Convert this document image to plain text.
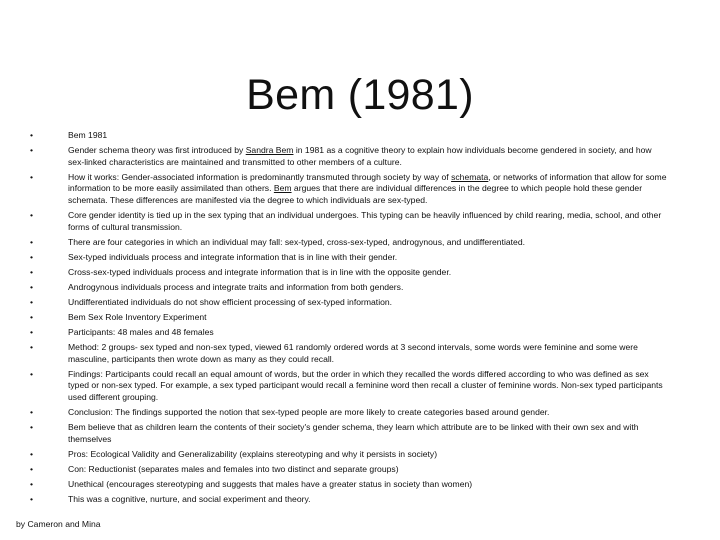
Bem (1981)
•	Bem 1981
•	Gender schema theory was first introduced by Sandra Bem in 1981 as a cognitive theory to explain how individuals become gendered in society, and how sex-linked characteristics are maintained and transmitted to other members of a culture.
•	How it works: Gender-associated information is predominantly transmuted through society by way of schemata, or networks of information that allow for some information to be more easily assimilated than others. Bem argues that there are individual differences in the degree to which people hold these gender schemata. These differences are manifested via the degree to which individuals are sex-typed.
•	Core gender identity is tied up in the sex typing that an individual undergoes. This typing can be heavily influenced by child rearing, media, school, and other forms of cultural transmission.
•	There are four categories in which an individual may fall: sex-typed, cross-sex-typed, androgynous, and undifferentiated.
•	Sex-typed individuals process and integrate information that is in line with their gender.
•	Cross-sex-typed individuals process and integrate information that is in line with the opposite gender.
•	Androgynous individuals process and integrate traits and information from both genders.
•	Undifferentiated individuals do not show efficient processing of sex-typed information.
•	Bem Sex Role Inventory Experiment
•	Participants: 48 males and 48 females
•	Method: 2 groups- sex typed and non-sex typed, viewed 61 randomly ordered words at 3 second intervals, some words were feminine and some were masculine, participants then wrote down as many as they could recall.
•	Findings: Participants could recall an equal amount of words, but the order in which they recalled the words differed according to who was defined as sex typed or non-sex typed. For example, a sex typed participant would recall a feminine word then recall a cluster of feminine words. Non-sex typed participants used different grouping.
•	Conclusion: The findings supported the notion that sex-typed people are more likely to create categories based around gender.
•	Bem believe that as children learn the contents of their society's gender schema, they learn which attribute are to be linked with their own sex and with themselves
•	Pros: Ecological Validity and Generalizability (explains stereotyping and why it persists in society)
•	Con: Reductionist (separates males and females into two distinct and separate groups)
•	Unethical (encourages stereotyping and suggests that males have a greater status in society than women)
•	This was a cognitive, nurture, and social experiment and theory.
by Cameron and Mina
